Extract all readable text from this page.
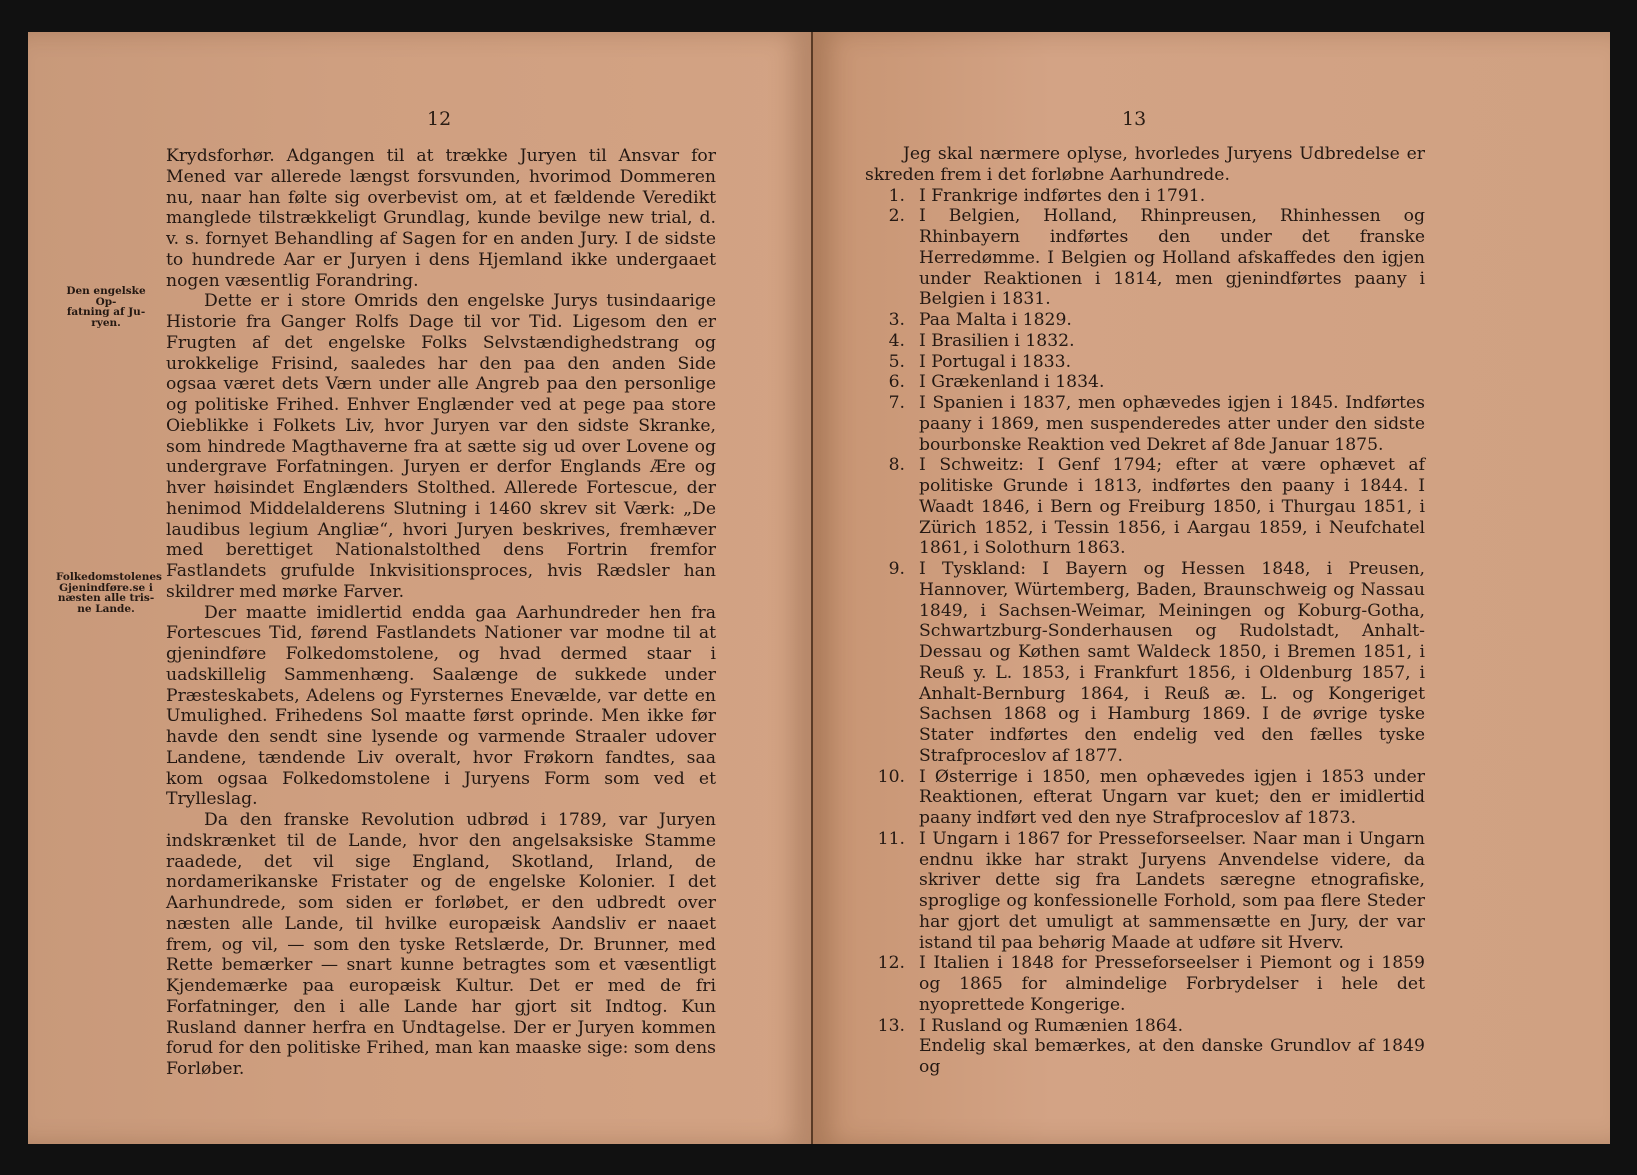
12
Den engelske Op-
fatning af Ju-
ryen.
Folkedomstolenes
Gjenindføre.se i
næsten alle tris-
ne Lande.

Krydsforhør. Adgangen til at trække Juryen til Ansvar for Mened var allerede længst forsvunden, hvorimod Dommeren nu, naar han følte sig overbevist om, at et fældende Veredikt manglede tilstrækkeligt Grundlag, kunde bevilge new trial, d. v. s. fornyet Behandling af Sagen for en anden Jury. I de sidste to hundrede Aar er Juryen i dens Hjemland ikke undergaaet nogen væsentlig Forandring.

Dette er i store Omrids den engelske Jurys tusindaarige Historie fra Ganger Rolfs Dage til vor Tid. Ligesom den er Frugten af det engelske Folks Selvstændighedstrang og urokkelige Frisind, saaledes har den paa den anden Side ogsaa været dets Værn under alle Angreb paa den personlige og politiske Frihed. Enhver Englænder ved at pege paa store Oieblikke i Folkets Liv, hvor Juryen var den sidste Skranke, som hindrede Magthaverne fra at sætte sig ud over Lovene og undergrave Forfatningen. Juryen er derfor Englands Ære og hver høisindet Englænders Stolthed. Allerede Fortescue, der henimod Middelalderens Slutning i 1460 skrev sit Værk: „De laudibus legium Angliæ“, hvori Juryen beskrives, fremhæver med berettiget Nationalstolthed dens Fortrin fremfor Fastlandets grufulde Inkvisitionsproces, hvis Rædsler han skildrer med mørke Farver.

Der maatte imidlertid endda gaa Aarhundreder hen fra Fortescues Tid, førend Fastlandets Nationer var modne til at gjenindføre Folkedomstolene, og hvad dermed staar i uadskillelig Sammenhæng. Saalænge de sukkede under Præsteskabets, Adelens og Fyrsternes Enevælde, var dette en Umulighed. Frihedens Sol maatte først oprinde. Men ikke før havde den sendt sine lysende og varmende Straaler udover Landene, tændende Liv overalt, hvor Frøkorn fandtes, saa kom ogsaa Folkedomstolene i Juryens Form som ved et Trylleslag.

Da den franske Revolution udbrød i 1789, var Juryen indskrænket til de Lande, hvor den angelsaksiske Stamme raadede, det vil sige England, Skotland, Irland, de nordamerikanske Fristater og de engelske Kolonier. I det Aarhundrede, som siden er forløbet, er den udbredt over næsten alle Lande, til hvilke europæisk Aandsliv er naaet frem, og vil, — som den tyske Retslærde, Dr. Brunner, med Rette bemærker — snart kunne betragtes som et væsentligt Kjendemærke paa europæisk Kultur. Det er med de fri Forfatninger, den i alle Lande har gjort sit Indtog. Kun Rusland danner herfra en Undtagelse. Der er Juryen kommen forud for den politiske Frihed, man kan maaske sige: som dens Forløber.

13

Jeg skal nærmere oplyse, hvorledes Juryens Udbredelse er skreden frem i det forløbne Aarhundrede.

1. I Frankrige indførtes den i 1791.
2. I Belgien, Holland, Rhinpreusen, Rhinhessen og Rhinbayern indførtes den under det franske Herredømme. I Belgien og Holland afskaffedes den igjen under Reaktionen i 1814, men gjenindførtes paany i Belgien i 1831.
3. Paa Malta i 1829.
4. I Brasilien i 1832.
5. I Portugal i 1833.
6. I Grækenland i 1834.
7. I Spanien i 1837, men ophævedes igjen i 1845. Indførtes paany i 1869, men suspenderedes atter under den sidste bourbonske Reaktion ved Dekret af 8de Januar 1875.
8. I Schweitz: I Genf 1794; efter at være ophævet af politiske Grunde i 1813, indførtes den paany i 1844. I Waadt 1846, i Bern og Freiburg 1850, i Thurgau 1851, i Zürich 1852, i Tessin 1856, i Aargau 1859, i Neufchatel 1861, i Solothurn 1863.
9. I Tyskland: I Bayern og Hessen 1848, i Preusen, Hannover, Würtemberg, Baden, Braunschweig og Nassau 1849, i Sachsen-Weimar, Meiningen og Koburg-Gotha, Schwartzburg-Sonderhausen og Rudolstadt, Anhalt-Dessau og Køthen samt Waldeck 1850, i Bremen 1851, i Reuß y. L. 1853, i Frankfurt 1856, i Oldenburg 1857, i Anhalt-Bernburg 1864, i Reuß æ. L. og Kongeriget Sachsen 1868 og i Hamburg 1869. I de øvrige tyske Stater indførtes den endelig ved den fælles tyske Strafproceslov af 1877.
10. I Østerrige i 1850, men ophævedes igjen i 1853 under Reaktionen, efterat Ungarn var kuet; den er imidlertid paany indført ved den nye Strafproceslov af 1873.
11. I Ungarn i 1867 for Presseforseelser. Naar man i Ungarn endnu ikke har strakt Juryens Anvendelse videre, da skriver dette sig fra Landets særegne etnografiske, sproglige og konfessionelle Forhold, som paa flere Steder har gjort det umuligt at sammensætte en Jury, der var istand til paa behørig Maade at udføre sit Hverv.
12. I Italien i 1848 for Presseforseelser i Piemont og i 1859 og 1865 for almindelige Forbrydelser i hele det nyoprettede Kongerige.
13. I Rusland og Rumænien 1864.

Endelig skal bemærkes, at den danske Grundlov af 1849 og
